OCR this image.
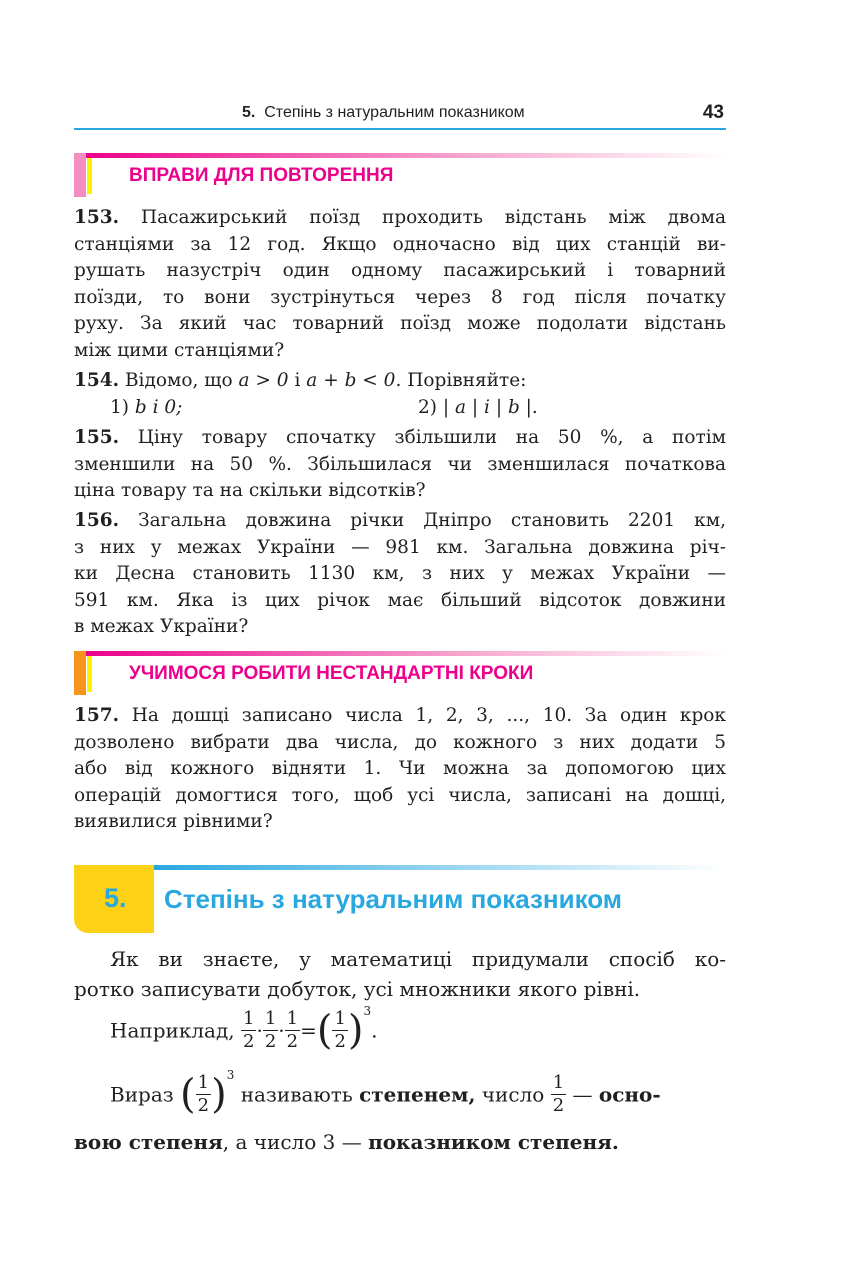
5. Степінь з натуральним показником	43
ВПРАВИ ДЛЯ ПОВТОРЕННЯ
153. Пасажирський поїзд проходить відстань між двома
станціями за 12 год. Якщо одночасно від цих станцій ви-
рушать назустріч один одному пасажирський і товарний
поїзди, то вони зустрінуться через 8 год після початку
руху. За який час товарний поїзд може подолати відстань
між цими станціями?
154. Відомо, що a > 0 і a + b < 0. Порівняйте:
1) b і 0;	2) | a | і | b |.

155. Ціну товару спочатку збільшили на 50 %, а потім
зменшили на 50 %. Збільшилася чи зменшилася початкова
ціна товару та на скільки відсотків?
156. Загальна довжина річки Дніпро становить 2201 км,
з них у межах України — 981 км. Загальна довжина річ-
ки Десна становить 1130 км, з них у межах України —
591 км. Яка із цих річок має більший відсоток довжини
в межах України?
УЧИМОСЯ РОБИТИ НЕСТАНДАРТНІ КРОКИ
157. На дошці записано числа 1, 2, 3, ..., 10. За один крок
дозволено вибрати два числа, до кожного з них додати 5
або від кожного відняти 1. Чи можна за допомогою цих
операцій домогтися того, щоб усі числа, записані на дошці,
виявилися рівними?
5. Степінь з натуральним показником
Як ви знаєте, у математиці придумали спосіб ко-
ротко записувати добуток, усі множники якого рівні.
Наприклад, $\frac{1}{2} \cdot \frac{1}{2} \cdot \frac{1}{2}$ =( $\frac{1}{2} )^3$.
Вираз ( $\frac{1}{2} )^3$ називають степенем, число $\frac{1}{2}$ — осно-
вою степеня, а число 3 — показником степеня.
